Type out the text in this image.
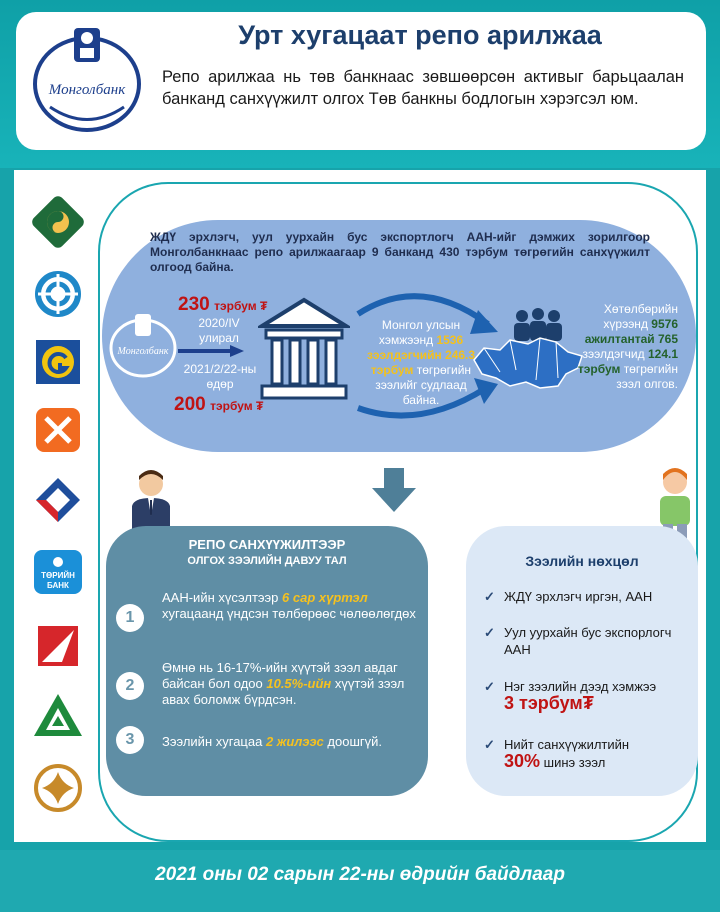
Монголбанк
Урт хугацаат репо арилжаа
Репо арилжаа нь төв банкнаас зөвшөөрсөн активыг барьцаалан банканд санхүүжилт олгох Төв банкны бодлогын хэрэгсэл юм.
ТӨРИЙН
БАНК
ЖДҮ эрхлэгч, уул уурхайн бус экспортлогч ААН-ийг дэмжих зорилгоор Монголбанкнаас репо арилжаагаар 9 банканд 430 тэрбум төгрөгийн санхүүжилт олгоод байна.
Монголбанк
230 тэрбум ₮
2020/IV улирал
2021/2/22-ны өдөр
200 тэрбум ₮
Монгол улсын хэмжээнд 1536 зээлдэгчийн 246.3 тэрбум төгрөгийн зээлийг судлаад байна.
Хөтөлбөрийн хүрээнд 9576 ажилтантай 765 зээлдэгчид 124.1 тэрбум төгрөгийн зээл олгов.
РЕПО САНХҮҮЖИЛТЭЭР
ОЛГОХ ЗЭЭЛИЙН ДАВУУ ТАЛ
1
ААН-ийн хүсэлтээр 6 сар хүртэл хугацаанд үндсэн төлбөрөөс чөлөөлөгдөх
2
Өмнө нь 16-17%-ийн хүүтэй зээл авдаг байсан бол одоо 10.5%-ийн хүүтэй зээл авах боломж бүрдсэн.
3	Зээлийн хугацаа 2 жилээс доошгүй.
Зээлийн нөхцөл
✓ ЖДҮ эрхлэгч иргэн, ААН
✓ Уул уурхайн бус экспорлогч ААН
✓ Нэг зээлийн дээд хэмжээ
3 тэрбум₮
✓ Нийт санхүүжилтийн
30% шинэ зээл
2021 оны 02 сарын 22-ны өдрийн байдлаар
